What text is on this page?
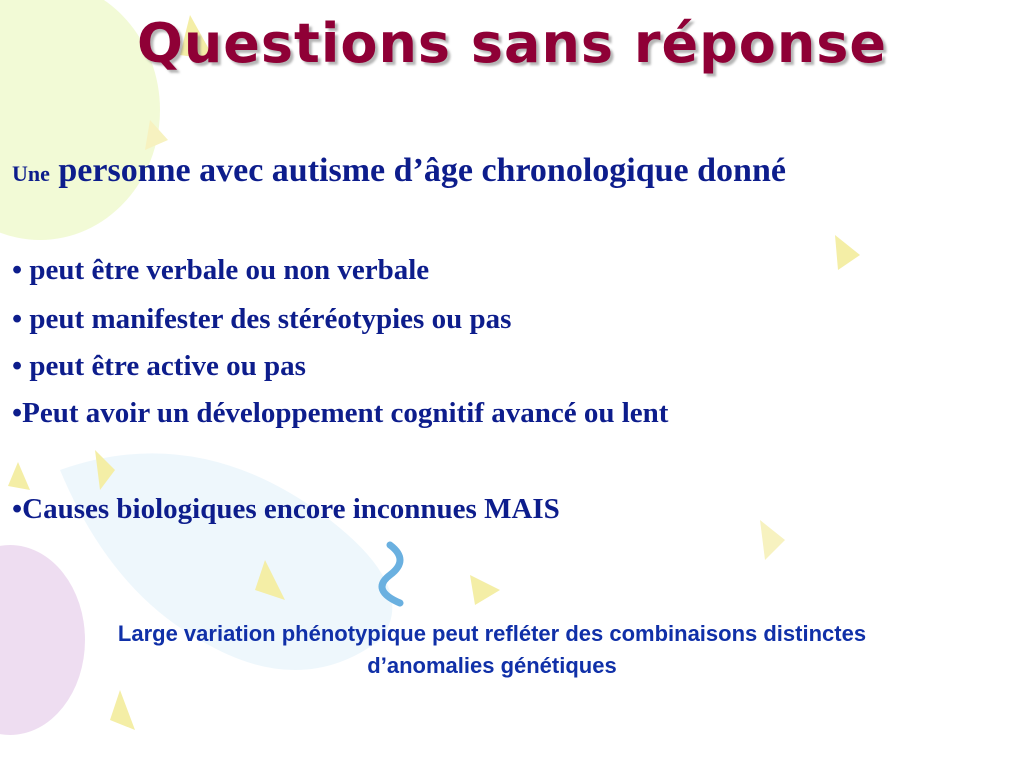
Questions sans réponse
Une personne avec autisme d’âge chronologique donné
• peut être verbale ou non verbale
• peut manifester des stéréotypies ou pas
• peut être active ou pas
•Peut avoir un développement cognitif avancé ou lent
•Causes biologiques encore inconnues MAIS
Large variation phénotypique peut refléter des combinaisons distinctes d’anomalies génétiques
